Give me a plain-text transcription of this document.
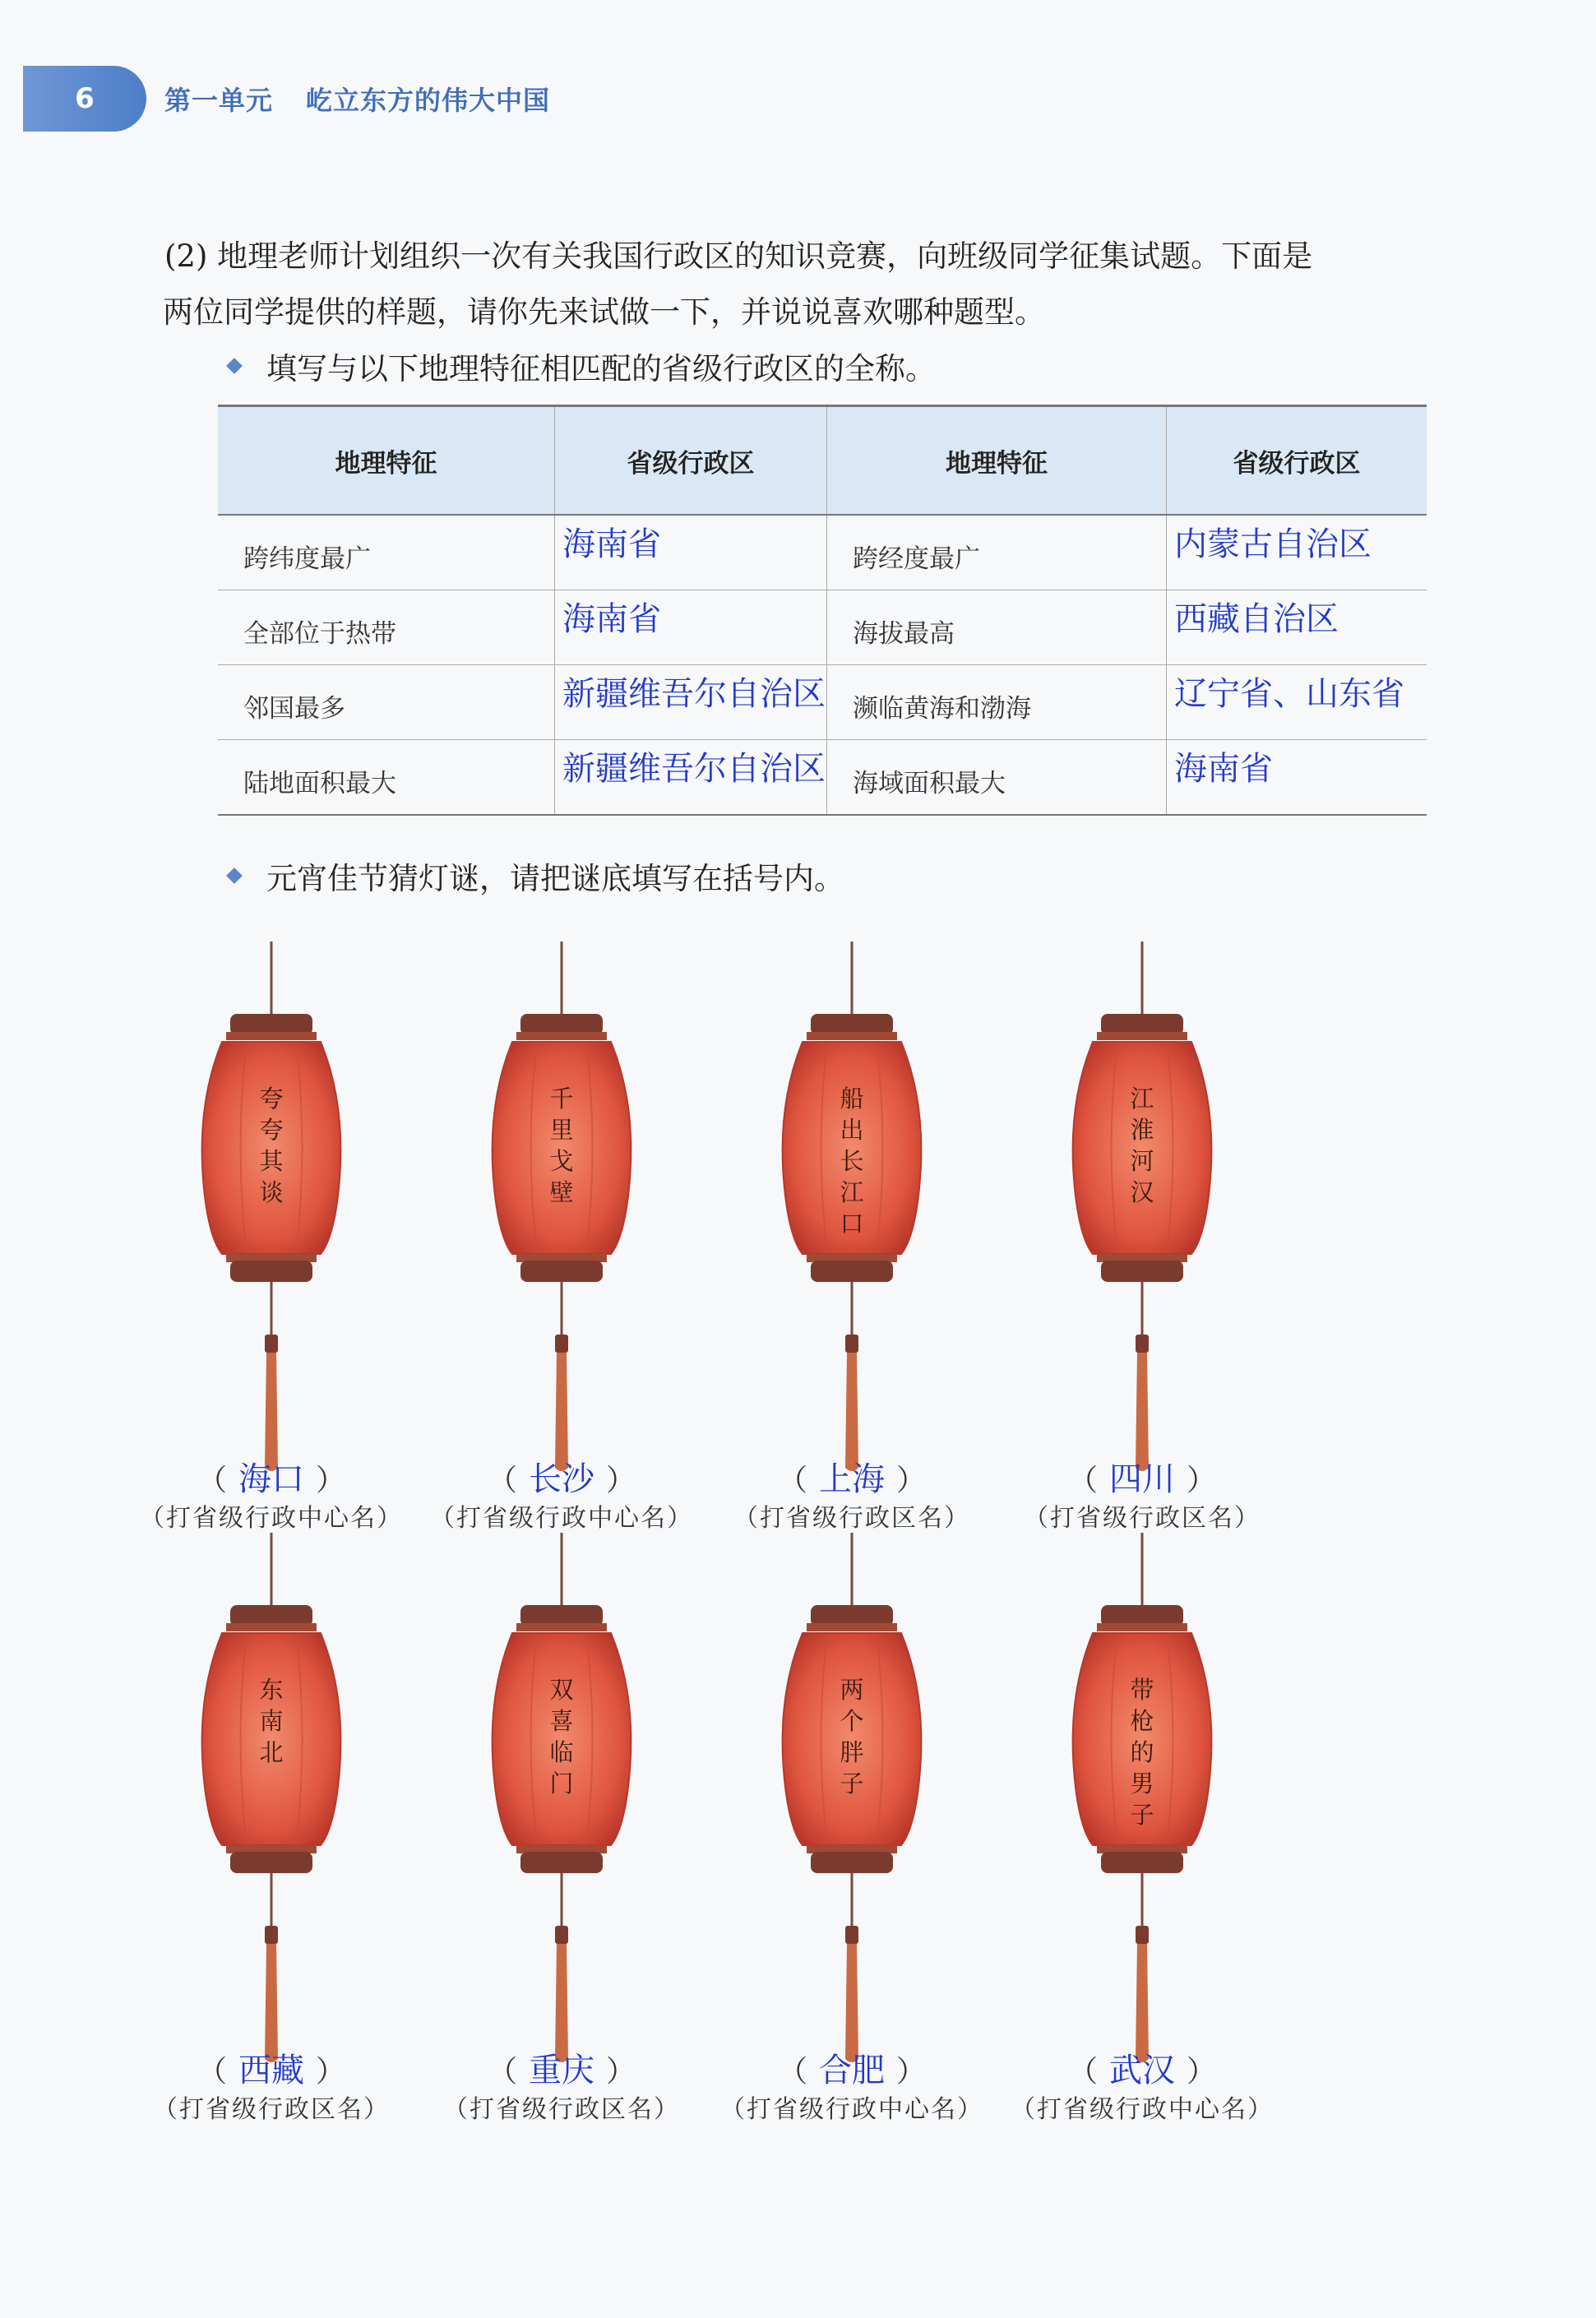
6	第一单元 屹立东方的伟大中国
(2) 地理老师计划组织一次有关我国行政区的知识竞赛，向班级同学征集试题。下面是
两位同学提供的样题，请你先来试做一下，并说说喜欢哪种题型。
填写与以下地理特征相匹配的省级行政区的全称。
地理特征	省级行政区	地理特征	省级行政区

跨纬度最广	海南省	跨经度最广	内蒙古自治区

全部位于热带	海南省	海拔最高	西藏自治区

邻国最多	新疆维吾尔自治区	濒临黄海和渤海	辽宁省、山东省

陆地面积最大	新疆维吾尔自治区	海域面积最大	海南省
元宵佳节猜灯谜，请把谜底填写在括号内。
夸夸其谈
（ 海口 ）
（打省级行政中心名）
千里戈壁
（ 长沙 ）
（打省级行政中心名）
船出长江口
（ 上海 ）
（打省级行政区名）
江淮河汉
（ 四川 ）
（打省级行政区名）
东南北
（ 西藏 ）
（打省级行政区名）
双喜临门
（ 重庆 ）
（打省级行政区名）
两个胖子
（ 合肥 ）
（打省级行政中心名）
带枪的男子
（ 武汉 ）
（打省级行政中心名）
